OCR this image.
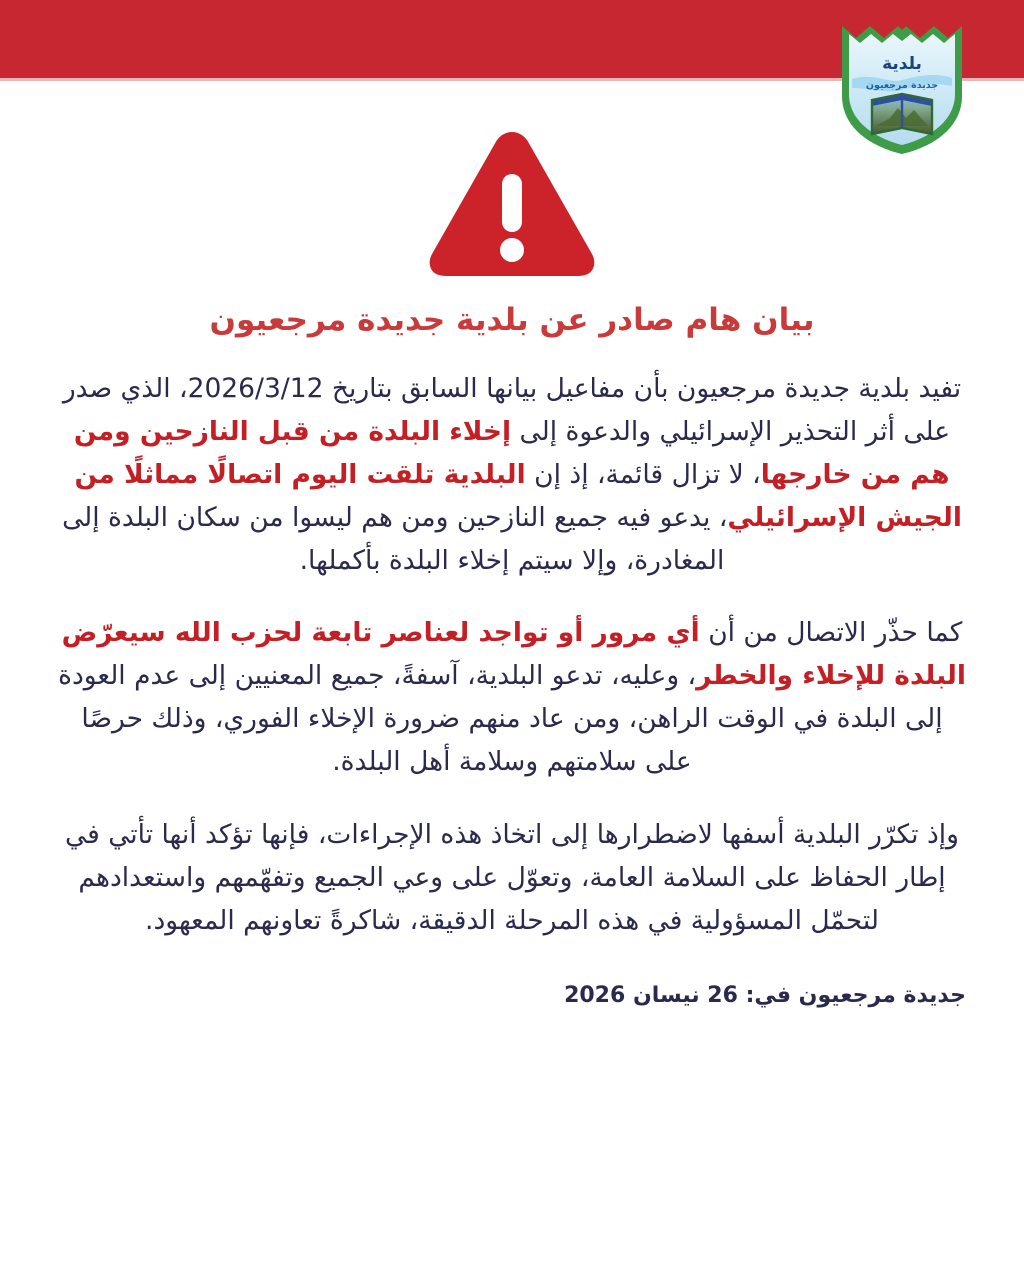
بلدية
جديدة مرجعيون
بيان هام صادر عن بلدية جديدة مرجعيون

تفيد بلدية جديدة مرجعيون بأن مفاعيل بيانها السابق بتاريخ 2026/3/12، الذي صدر على أثر التحذير الإسرائيلي والدعوة إلى إخلاء البلدة من قبل النازحين ومن هم من خارجها، لا تزال قائمة، إذ إن البلدية تلقت اليوم اتصالًا مماثلًا من الجيش الإسرائيلي، يدعو فيه جميع النازحين ومن هم ليسوا من سكان البلدة إلى المغادرة، وإلا سيتم إخلاء البلدة بأكملها.

كما حذّر الاتصال من أن أي مرور أو تواجد لعناصر تابعة لحزب الله سيعرّض البلدة للإخلاء والخطر، وعليه، تدعو البلدية، آسفةً، جميع المعنيين إلى عدم العودة إلى البلدة في الوقت الراهن، ومن عاد منهم ضرورة الإخلاء الفوري، وذلك حرصًا على سلامتهم وسلامة أهل البلدة.

وإذ تكرّر البلدية أسفها لاضطرارها إلى اتخاذ هذه الإجراءات، فإنها تؤكد أنها تأتي في إطار الحفاظ على السلامة العامة، وتعوّل على وعي الجميع وتفهّمهم واستعدادهم لتحمّل المسؤولية في هذه المرحلة الدقيقة، شاكرةً تعاونهم المعهود.

جديدة مرجعيون في: 26 نيسان 2026
